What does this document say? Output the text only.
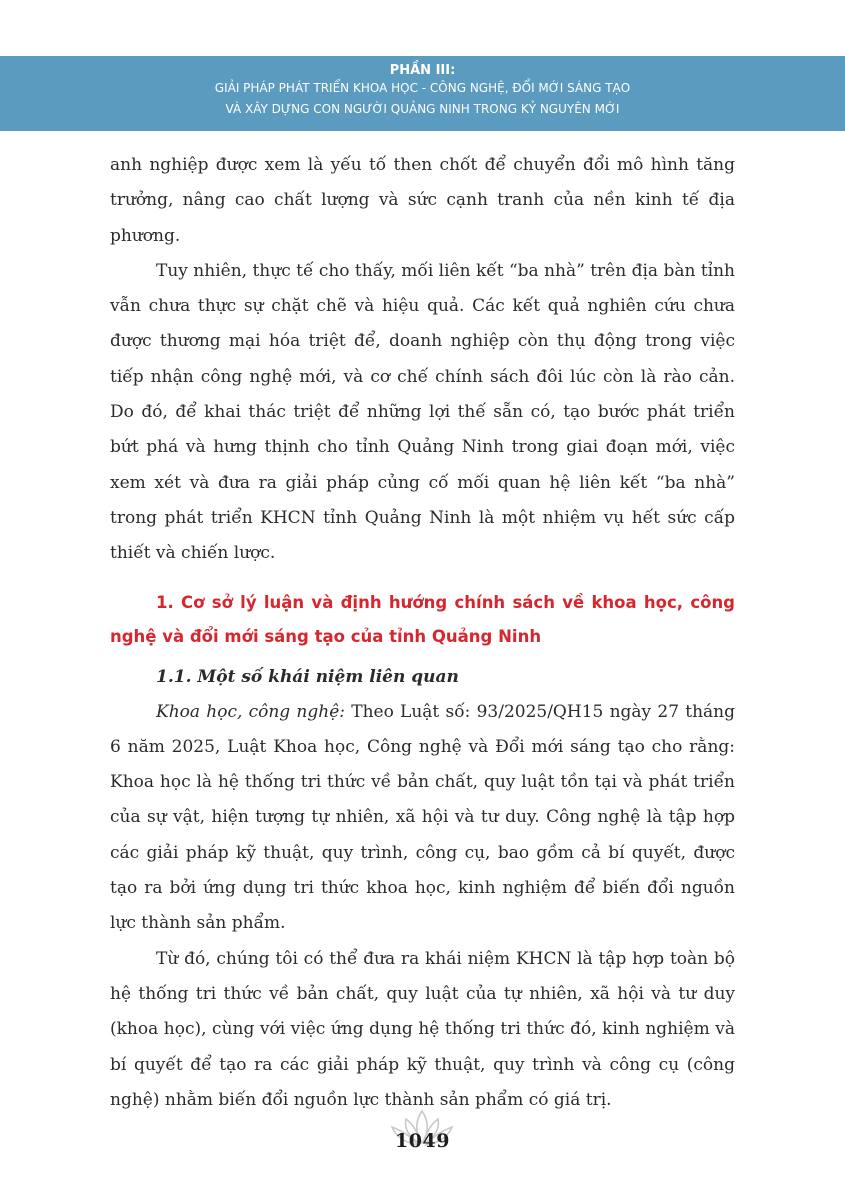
PHẦN III:
GIẢI PHÁP PHÁT TRIỂN KHOA HỌC - CÔNG NGHỆ, ĐỔI MỚI SÁNG TẠO
VÀ XÂY DỰNG CON NGƯỜI QUẢNG NINH TRONG KỶ NGUYÊN MỚI

anh nghiệp được xem là yếu tố then chốt để chuyển đổi mô hình tăng trưởng, nâng cao chất lượng và sức cạnh tranh của nền kinh tế địa phương.

Tuy nhiên, thực tế cho thấy, mối liên kết “ba nhà” trên địa bàn tỉnh vẫn chưa thực sự chặt chẽ và hiệu quả. Các kết quả nghiên cứu chưa được thương mại hóa triệt để, doanh nghiệp còn thụ động trong việc tiếp nhận công nghệ mới, và cơ chế chính sách đôi lúc còn là rào cản. Do đó, để khai thác triệt để những lợi thế sẵn có, tạo bước phát triển bứt phá và hưng thịnh cho tỉnh Quảng Ninh trong giai đoạn mới, việc xem xét và đưa ra giải pháp củng cố mối quan hệ liên kết “ba nhà” trong phát triển KHCN tỉnh Quảng Ninh là một nhiệm vụ hết sức cấp thiết và chiến lược.

1. Cơ sở lý luận và định hướng chính sách về khoa học, công nghệ và đổi mới sáng tạo của tỉnh Quảng Ninh
1.1. Một số khái niệm liên quan

Khoa học, công nghệ: Theo Luật số: 93/2025/QH15 ngày 27 tháng 6 năm 2025, Luật Khoa học, Công nghệ và Đổi mới sáng tạo cho rằng: Khoa học là hệ thống tri thức về bản chất, quy luật tồn tại và phát triển của sự vật, hiện tượng tự nhiên, xã hội và tư duy. Công nghệ là tập hợp các giải pháp kỹ thuật, quy trình, công cụ, bao gồm cả bí quyết, được tạo ra bởi ứng dụng tri thức khoa học, kinh nghiệm để biến đổi nguồn lực thành sản phẩm.

Từ đó, chúng tôi có thể đưa ra khái niệm KHCN là tập hợp toàn bộ hệ thống tri thức về bản chất, quy luật của tự nhiên, xã hội và tư duy (khoa học), cùng với việc ứng dụng hệ thống tri thức đó, kinh nghiệm và bí quyết để tạo ra các giải pháp kỹ thuật, quy trình và công cụ (công nghệ) nhằm biến đổi nguồn lực thành sản phẩm có giá trị.

1049
